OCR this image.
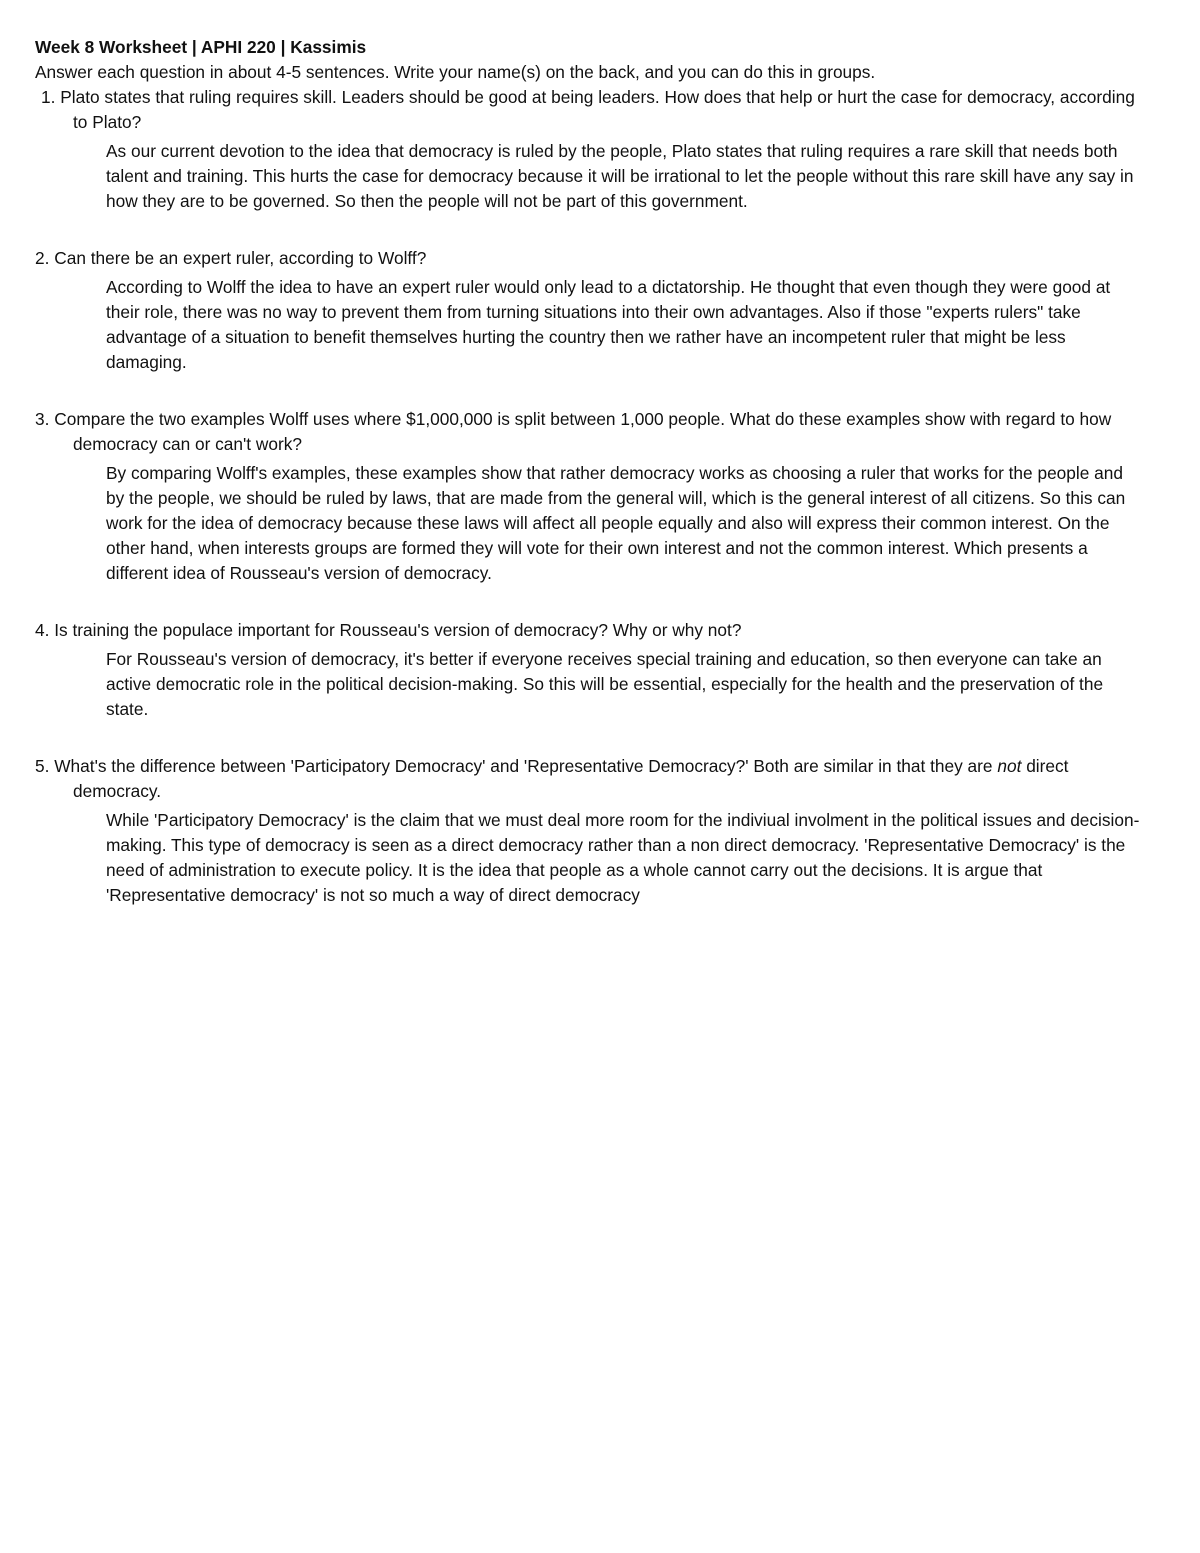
Week 8 Worksheet | APHI 220 | Kassimis

Answer each question in about 4-5 sentences. Write your name(s) on the back, and you can do this in groups.

1. Plato states that ruling requires skill. Leaders should be good at being leaders. How does that help or hurt the case for democracy, according to Plato?

As our current devotion to the idea that democracy is ruled by the people, Plato states that ruling requires a rare skill that needs both talent and training. This hurts the case for democracy because it will be irrational to let the people without this rare skill have any say in how they are to be governed. So then the people will not be part of this government.

2. Can there be an expert ruler, according to Wolff?

According to Wolff the idea to have an expert ruler would only lead to a dictatorship. He thought that even though they were good at their role, there was no way to prevent them from turning situations into their own advantages. Also if those "experts rulers" take advantage of a situation to benefit themselves hurting the country then we rather have an incompetent ruler that might be less damaging.

3. Compare the two examples Wolff uses where $1,000,000 is split between 1,000 people. What do these examples show with regard to how democracy can or can't work?

By comparing Wolff's examples, these examples show that rather democracy works as choosing a ruler that works for the people and by the people, we should be ruled by laws, that are made from the general will, which is the general interest of all citizens. So this can work for the idea of democracy because these laws will affect all people equally and also will express their common interest. On the other hand, when interests groups are formed they will vote for their own interest and not the common interest. Which presents a different idea of Rousseau's version of democracy.

4. Is training the populace important for Rousseau's version of democracy? Why or why not?

For Rousseau's version of democracy, it's better if everyone receives special training and education, so then everyone can take an active democratic role in the political decision-making. So this will be essential, especially for the health and the preservation of the state.

5. What's the difference between 'Participatory Democracy' and 'Representative Democracy?' Both are similar in that they are not direct democracy.

While 'Participatory Democracy' is the claim that we must deal more room for the indiviual involment in the political issues and decision-making. This type of democracy is seen as a direct democracy rather than a non direct democracy. 'Representative Democracy' is the need of administration to execute policy. It is the idea that people as a whole cannot carry out the decisions. It is argue that 'Representative democracy' is not so much a way of direct democracy
